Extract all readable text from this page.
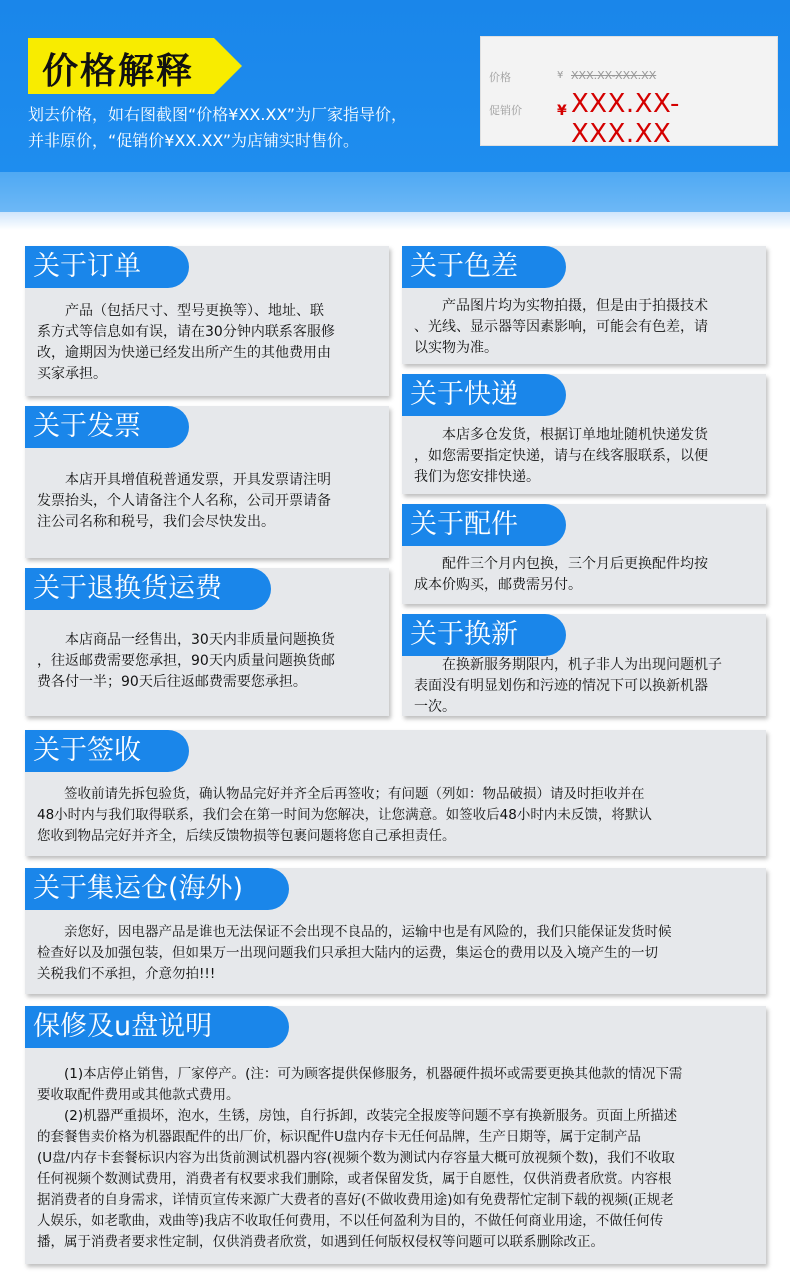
价格解释
划去价格，如右图截图“价格¥XX.XX”为厂家指导价，
并非原价，“促销价¥XX.XX”为店铺实时售价。
价格	¥ XXX.XX-XXX.XX
促销价	¥ XXX.XX-XXX.XX
关于订单
　　产品（包括尺寸、型号更换等）、地址、联
系方式等信息如有误，请在30分钟内联系客服修
改，逾期因为快递已经发出所产生的其他费用由
买家承担。
关于色差
　　产品图片均为实物拍摄，但是由于拍摄技术
、光线、显示器等因素影响，可能会有色差，请
以实物为准。
关于快递
　　本店多仓发货，根据订单地址随机快递发货
，如您需要指定快递，请与在线客服联系，以便
我们为您安排快递。
关于发票
　　本店开具增值税普通发票，开具发票请注明
发票抬头，个人请备注个人名称，公司开票请备
注公司名称和税号，我们会尽快发出。	关于配件
　　配件三个月内包换，三个月后更换配件均按
成本价购买，邮费需另付。
关于退换货运费
　　本店商品一经售出，30天内非质量问题换货
，往返邮费需要您承担，90天内质量问题换货邮
费各付一半；90天后往返邮费需要您承担。
关于换新
　　在换新服务期限内，机子非人为出现问题机子
表面没有明显划伤和污迹的情况下可以换新机器
一次。
关于签收
　　签收前请先拆包验货，确认物品完好并齐全后再签收；有问题（列如：物品破损）请及时拒收并在
48小时内与我们取得联系，我们会在第一时间为您解决，让您满意。如签收后48小时内未反馈，将默认
您收到物品完好并齐全，后续反馈物损等包裹问题将您自己承担责任。
关于集运仓(海外)
　　亲您好，因电器产品是谁也无法保证不会出现不良品的，运输中也是有风险的，我们只能保证发货时候
检查好以及加强包装，但如果万一出现问题我们只承担大陆内的运费，集运仓的费用以及入境产生的一切
关税我们不承担，介意勿拍!!!
保修及u盘说明
　　(1)本店停止销售，厂家停产。(注：可为顾客提供保修服务，机器硬件损坏或需要更换其他款的情况下需
要收取配件费用或其他款式费用。
　　(2)机器严重损坏，泡水，生锈，房蚀，自行拆卸，改装完全报废等问题不享有换新服务。页面上所描述
的套餐售卖价格为机器跟配件的出厂价，标识配件U盘内存卡无任何品牌，生产日期等，属于定制产品
(U盘/内存卡套餐标识内容为出货前测试机器内容(视频个数为测试内存容量大概可放视频个数)，我们不收取
任何视频个数测试费用，消费者有权要求我们删除，或者保留发货，属于自愿性，仅供消费者欣赏。内容根
据消费者的自身需求，详情页宣传来源广大费者的喜好(不做收费用途)如有免费帮忙定制下载的视频(正规老
人娱乐，如老歌曲，戏曲等)我店不收取任何费用，不以任何盈利为目的，不做任何商业用途，不做任何传
播，属于消费者要求性定制，仅供消费者欣赏，如遇到任何版权侵权等问题可以联系删除改正。
